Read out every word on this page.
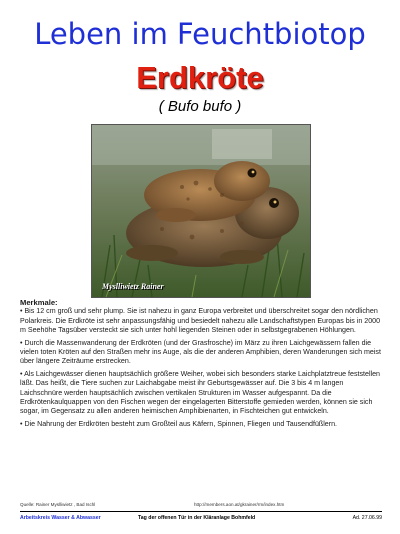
Leben im Feuchtbiotop
Erdkröte
( Bufo bufo )
Myslliwietz Rainer
Merkmale:

• Bis 12 cm groß und sehr plump. Sie ist nahezu in ganz Europa verbreitet und überschreitet sogar den nördlichen Polarkreis. Die Erdkröte ist sehr anpassungsfähig und besiedelt nahezu alle Landschaftstypen Europas bis in 2000 m Seehöhe Tagsüber versteckt sie sich unter hohl liegenden Steinen oder in selbstgegrabenen Höhlungen.

• Durch die Massenwanderung der Erdkröten (und der Grasfrosche) im März zu ihren Laichgewässern fallen die vielen toten Kröten auf den Straßen mehr ins Auge, als die der anderen Amphibien, deren Wanderungen sich meist über längere Zeiträume erstrecken.

• Als Laichgewässer dienen hauptsächlich größere Weiher, wobei sich besonders starke Laichplatztreue feststellen läßt. Das heißt, die Tiere suchen zur Laichabgabe meist ihr Geburtsgewässer auf. Die 3 bis 4 m langen Laichschnüre werden hauptsächlich zwischen vertikalen Strukturen im Wasser aufgespannt. Da die Erdkrötenkaulquappen von den Fischen wegen der eingelagerten Bitterstoffe gemieden werden, können sie sich sogar, im Gegensatz zu allen anderen heimischen Amphibienarten, in Fischteichen gut entwickeln.

• Die Nahrung der Erdkröten besteht zum Großteil aus Käfern, Spinnen, Fliegen und Tausendfüßlern.

Quelle: Rainer Myslliwietz , Bad Ischl	http://members.aon.at/gkrainer/rm/index.htm
Arbeitskreis Wasser & Abwasser	Tag der offenen Tür in der Kläranlage Bohmfeld	Ad. 27.06.99
